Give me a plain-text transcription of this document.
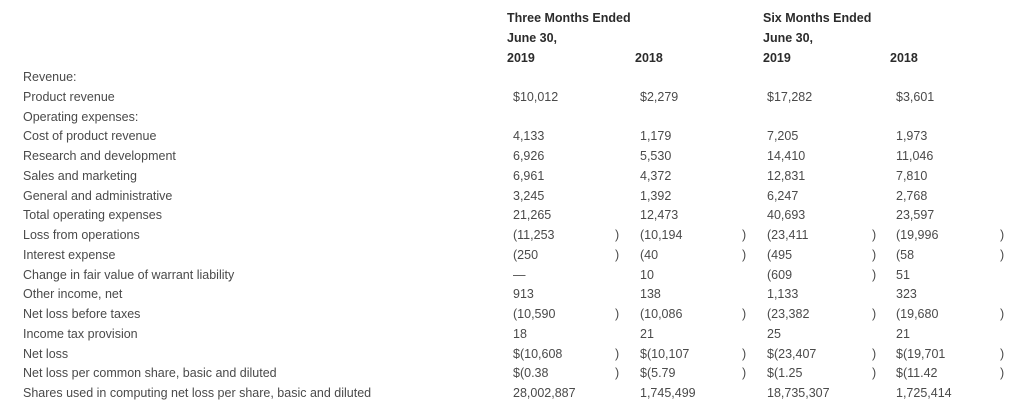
Three Months Ended
June 30,
2019	2018
Six Months Ended
June 30,
2019	2018
Revenue:
Product revenue	$10,012	$2,279	$17,282	$3,601
Operating expenses:
Cost of product revenue	4,133	1,179	7,205	1,973
Research and development	6,926	5,530	14,410	11,046
Sales and marketing	6,961	4,372	12,831	7,810
General and administrative	3,245	1,392	6,247	2,768
Total operating expenses	21,265	12,473	40,693	23,597
Loss from operations	(11,253	) (10,194	) (23,411	) (19,996	)
Interest expense	(250	) (40	) (495	) (58	)
Change in fair value of warrant liability	—	10	(609	) 51
Other income, net	913	138	1,133	323
Net loss before taxes	(10,590	) (10,086	) (23,382	) (19,680	)
Income tax provision	18	21	25	21
Net loss	$(10,608	) $(10,107	) $(23,407	) $(19,701	)
Net loss per common share, basic and diluted	$(0.38	) $(5.79	) $(1.25	) $(11.42	)
Shares used in computing net loss per share, basic and diluted	28,002,887	1,745,499	18,735,307	1,725,414
